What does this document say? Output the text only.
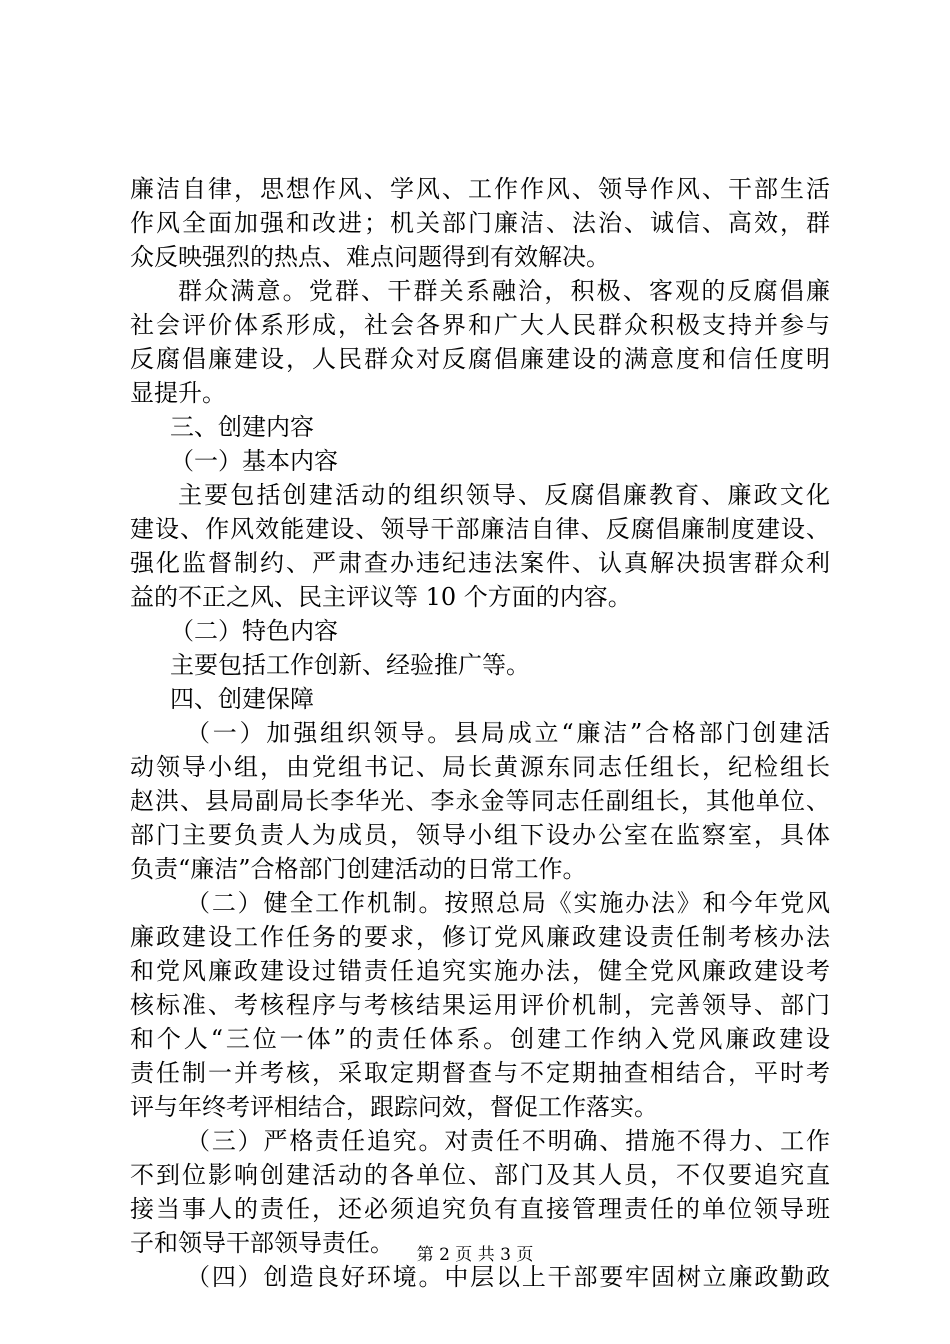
廉洁自律，思想作风、学风、工作作风、领导作风、干部生活
作风全面加强和改进；机关部门廉洁、法治、诚信、高效，群
众反映强烈的热点、难点问题得到有效解决。
群众满意。党群、干群关系融洽，积极、客观的反腐倡廉
社会评价体系形成，社会各界和广大人民群众积极支持并参与
反腐倡廉建设，人民群众对反腐倡廉建设的满意度和信任度明
显提升。
三、创建内容
（一）基本内容
主要包括创建活动的组织领导、反腐倡廉教育、廉政文化
建设、作风效能建设、领导干部廉洁自律、反腐倡廉制度建设、
强化监督制约、严肃查办违纪违法案件、认真解决损害群众利
益的不正之风、民主评议等 10 个方面的内容。
（二）特色内容
主要包括工作创新、经验推广等。
四、创建保障
（一）加强组织领导。县局成立“廉洁”合格部门创建活
动领导小组，由党组书记、局长黄源东同志任组长，纪检组长
赵洪、县局副局长李华光、李永金等同志任副组长，其他单位、
部门主要负责人为成员，领导小组下设办公室在监察室，具体
负责“廉洁”合格部门创建活动的日常工作。
（二）健全工作机制。按照总局《实施办法》和今年党风
廉政建设工作任务的要求，修订党风廉政建设责任制考核办法
和党风廉政建设过错责任追究实施办法，健全党风廉政建设考
核标准、考核程序与考核结果运用评价机制，完善领导、部门
和个人“三位一体”的责任体系。创建工作纳入党风廉政建设
责任制一并考核，采取定期督查与不定期抽查相结合，平时考
评与年终考评相结合，跟踪问效，督促工作落实。
（三）严格责任追究。对责任不明确、措施不得力、工作
不到位影响创建活动的各单位、部门及其人员，不仅要追究直
接当事人的责任，还必须追究负有直接管理责任的单位领导班
子和领导干部领导责任。
（四）创造良好环境。中层以上干部要牢固树立廉政勤政
第 2 页 共 3 页
